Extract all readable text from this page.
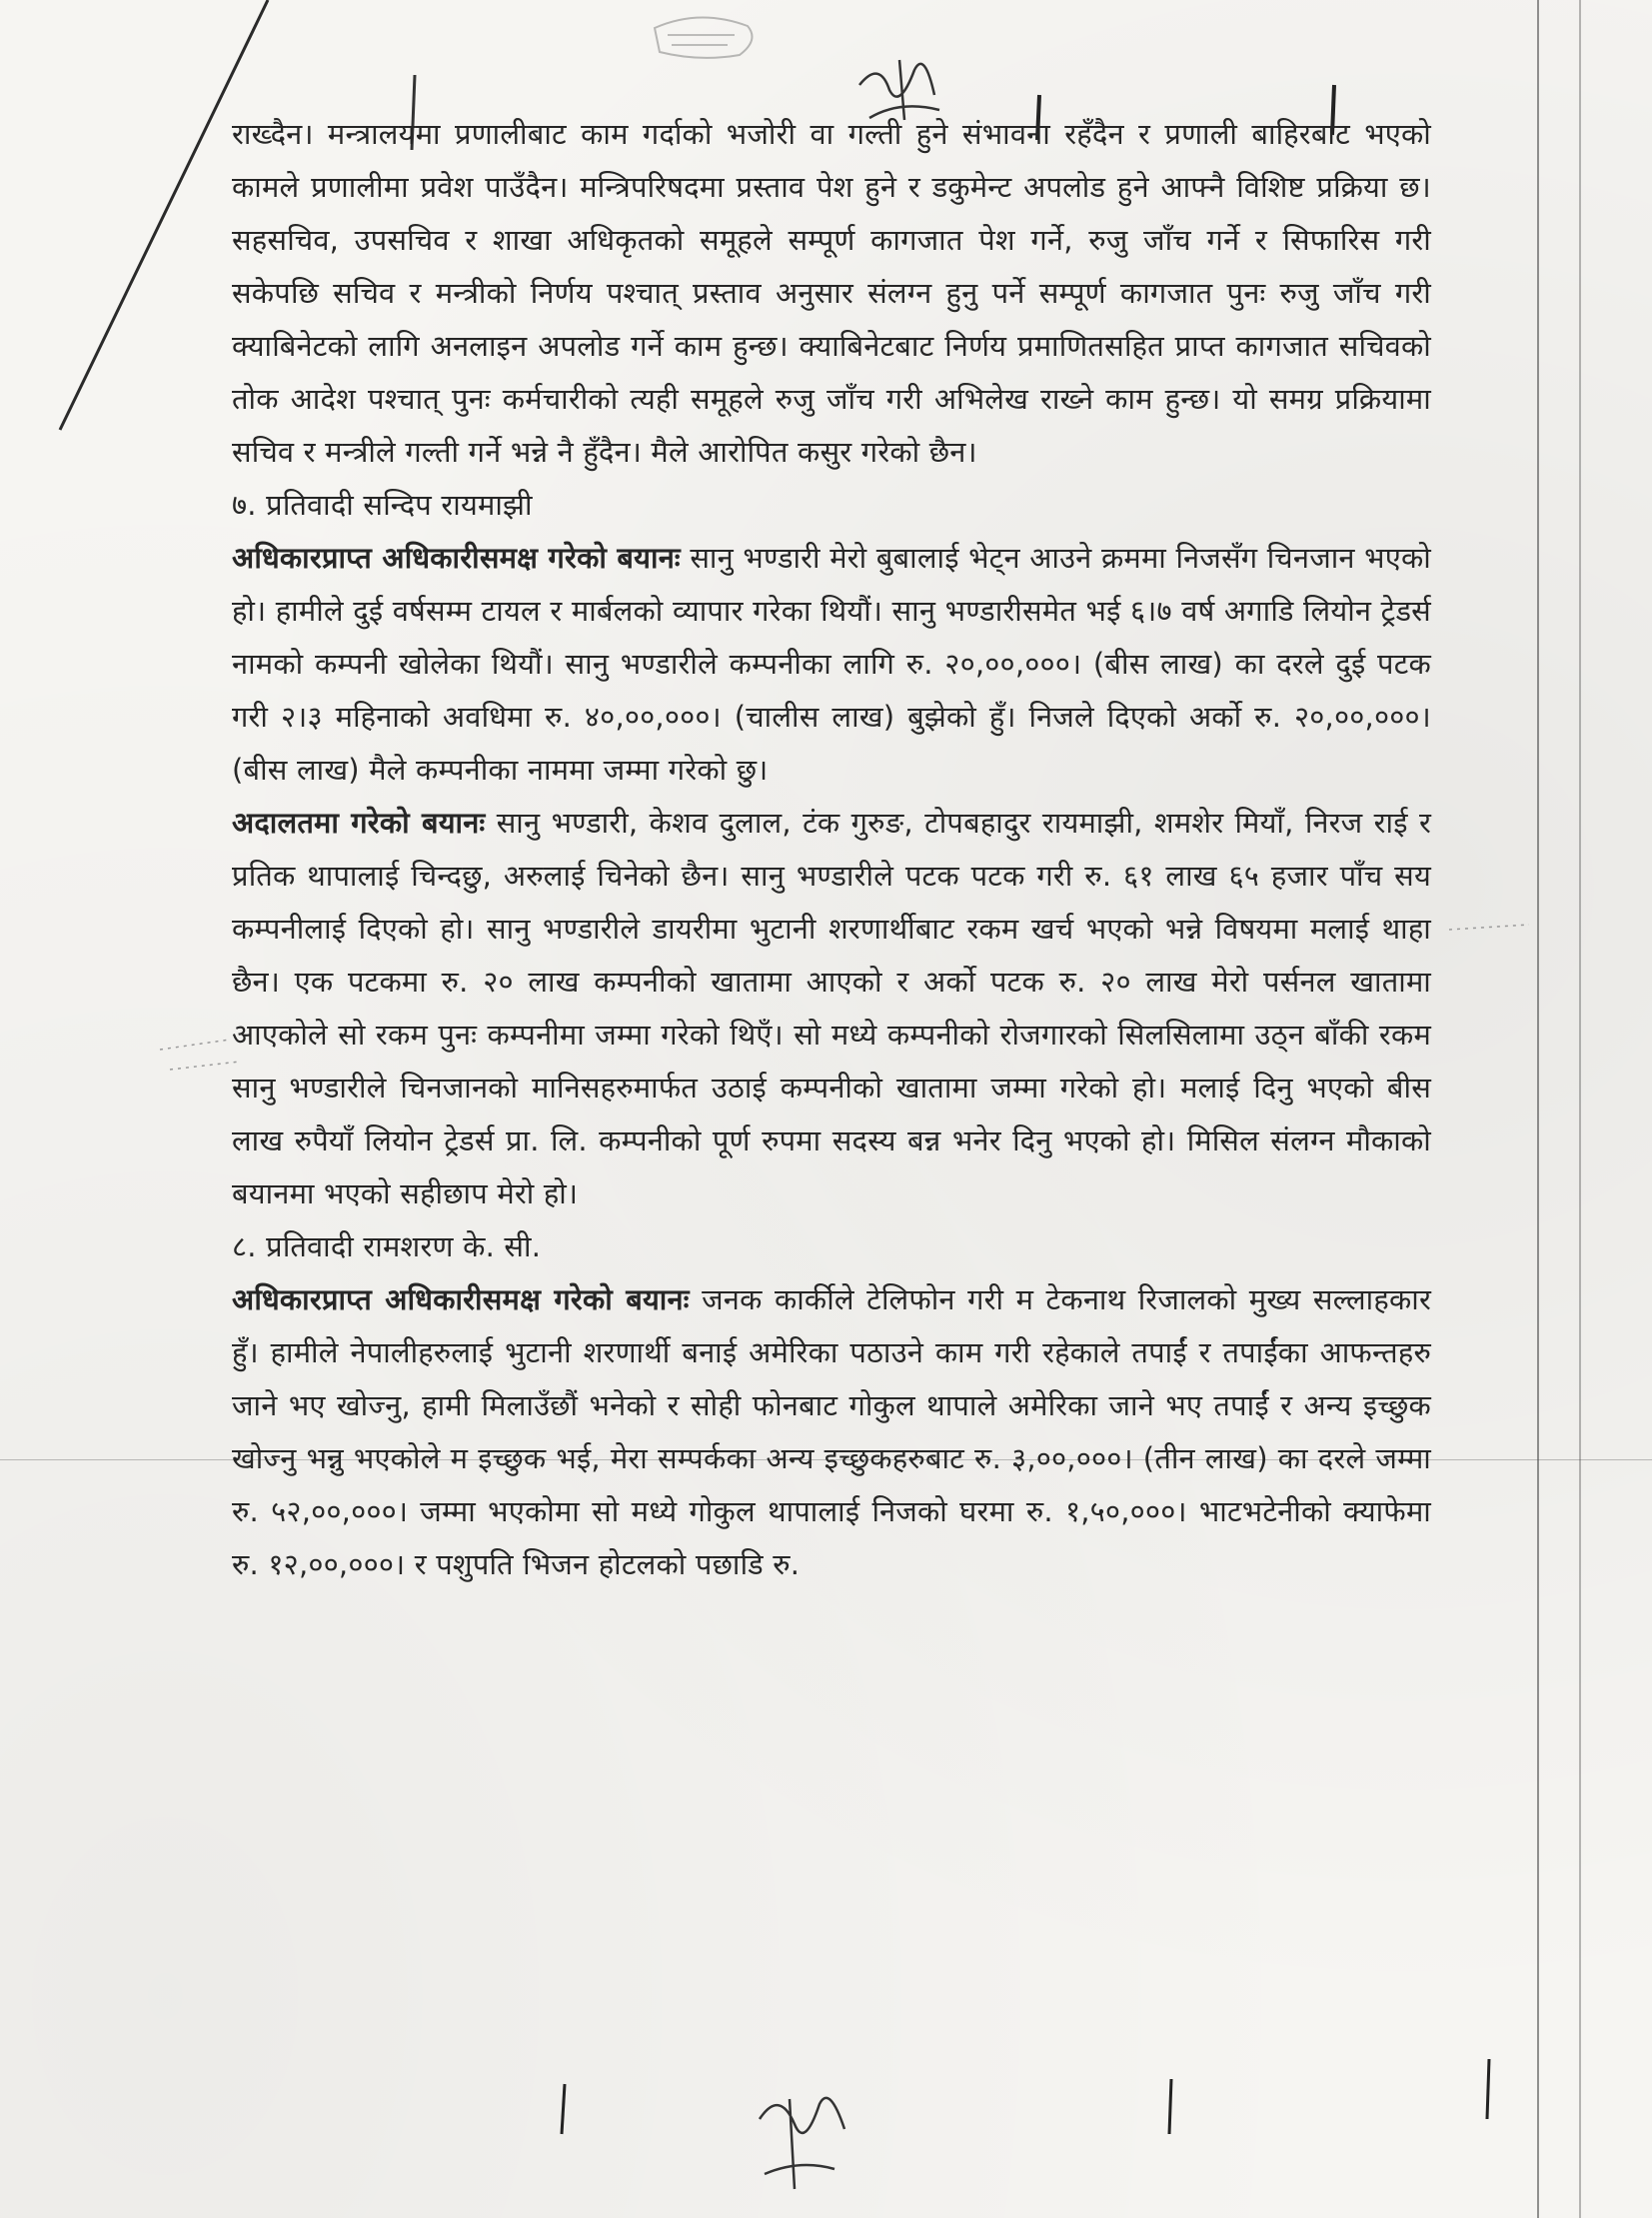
राख्दैन। मन्त्रालयमा प्रणालीबाट काम गर्दाको भजोरी वा गल्ती हुने संभावना रहँदैन र प्रणाली बाहिरबाट भएको कामले प्रणालीमा प्रवेश पाउँदैन। मन्त्रिपरिषदमा प्रस्ताव पेश हुने र डकुमेन्ट अपलोड हुने आफ्नै विशिष्ट प्रक्रिया छ। सहसचिव, उपसचिव र शाखा अधिकृतको समूहले सम्पूर्ण कागजात पेश गर्ने, रुजु जाँच गर्ने र सिफारिस गरी सकेपछि सचिव र मन्त्रीको निर्णय पश्चात् प्रस्ताव अनुसार संलग्न हुनु पर्ने सम्पूर्ण कागजात पुनः रुजु जाँच गरी क्याबिनेटको लागि अनलाइन अपलोड गर्ने काम हुन्छ। क्याबिनेटबाट निर्णय प्रमाणितसहित प्राप्त कागजात सचिवको तोक आदेश पश्चात् पुनः कर्मचारीको त्यही समूहले रुजु जाँच गरी अभिलेख राख्ने काम हुन्छ। यो समग्र प्रक्रियामा सचिव र मन्त्रीले गल्ती गर्ने भन्ने नै हुँदैन। मैले आरोपित कसुर गरेको छैन।

७. प्रतिवादी सन्दिप रायमाझी

अधिकारप्राप्त अधिकारीसमक्ष गरेको बयानः सानु भण्डारी मेरो बुबालाई भेट्न आउने क्रममा निजसँग चिनजान भएको हो। हामीले दुई वर्षसम्म टायल र मार्बलको व्यापार गरेका थियौं। सानु भण्डारीसमेत भई ६।७ वर्ष अगाडि लियोन ट्रेडर्स नामको कम्पनी खोलेका थियौं। सानु भण्डारीले कम्पनीका लागि रु. २०,००,०००। (बीस लाख) का दरले दुई पटक गरी २।३ महिनाको अवधिमा रु. ४०,००,०००। (चालीस लाख) बुझेको हुँ। निजले दिएको अर्को रु. २०,००,०००। (बीस लाख) मैले कम्पनीका नाममा जम्मा गरेको छु।

अदालतमा गरेको बयानः सानु भण्डारी, केशव दुलाल, टंक गुरुङ, टोपबहादुर रायमाझी, शमशेर मियाँ, निरज राई र प्रतिक थापालाई चिन्दछु, अरुलाई चिनेको छैन। सानु भण्डारीले पटक पटक गरी रु. ६१ लाख ६५ हजार पाँच सय कम्पनीलाई दिएको हो। सानु भण्डारीले डायरीमा भुटानी शरणार्थीबाट रकम खर्च भएको भन्ने विषयमा मलाई थाहा छैन। एक पटकमा रु. २० लाख कम्पनीको खातामा आएको र अर्को पटक रु. २० लाख मेरो पर्सनल खातामा आएकोले सो रकम पुनः कम्पनीमा जम्मा गरेको थिएँ। सो मध्ये कम्पनीको रोजगारको सिलसिलामा उठ्न बाँकी रकम सानु भण्डारीले चिनजानको मानिसहरुमार्फत उठाई कम्पनीको खातामा जम्मा गरेको हो। मलाई दिनु भएको बीस लाख रुपैयाँ लियोन ट्रेडर्स प्रा. लि. कम्पनीको पूर्ण रुपमा सदस्य बन्न भनेर दिनु भएको हो। मिसिल संलग्न मौकाको बयानमा भएको सहीछाप मेरो हो।

८. प्रतिवादी रामशरण के. सी.

अधिकारप्राप्त अधिकारीसमक्ष गरेको बयानः जनक कार्कीले टेलिफोन गरी म टेकनाथ रिजालको मुख्य सल्लाहकार हुँ। हामीले नेपालीहरुलाई भुटानी शरणार्थी बनाई अमेरिका पठाउने काम गरी रहेकाले तपाईं र तपाईंका आफन्तहरु जाने भए खोज्नु, हामी मिलाउँछौं भनेको र सोही फोनबाट गोकुल थापाले अमेरिका जाने भए तपाईं र अन्य इच्छुक खोज्नु भन्नु भएकोले म इच्छुक भई, मेरा सम्पर्कका अन्य इच्छुकहरुबाट रु. ३,००,०००। (तीन लाख) का दरले जम्मा रु. ५२,००,०००। जम्मा भएकोमा सो मध्ये गोकुल थापालाई निजको घरमा रु. १,५०,०००। भाटभटेनीको क्याफेमा रु. १२,००,०००। र पशुपति भिजन होटलको पछाडि रु.
